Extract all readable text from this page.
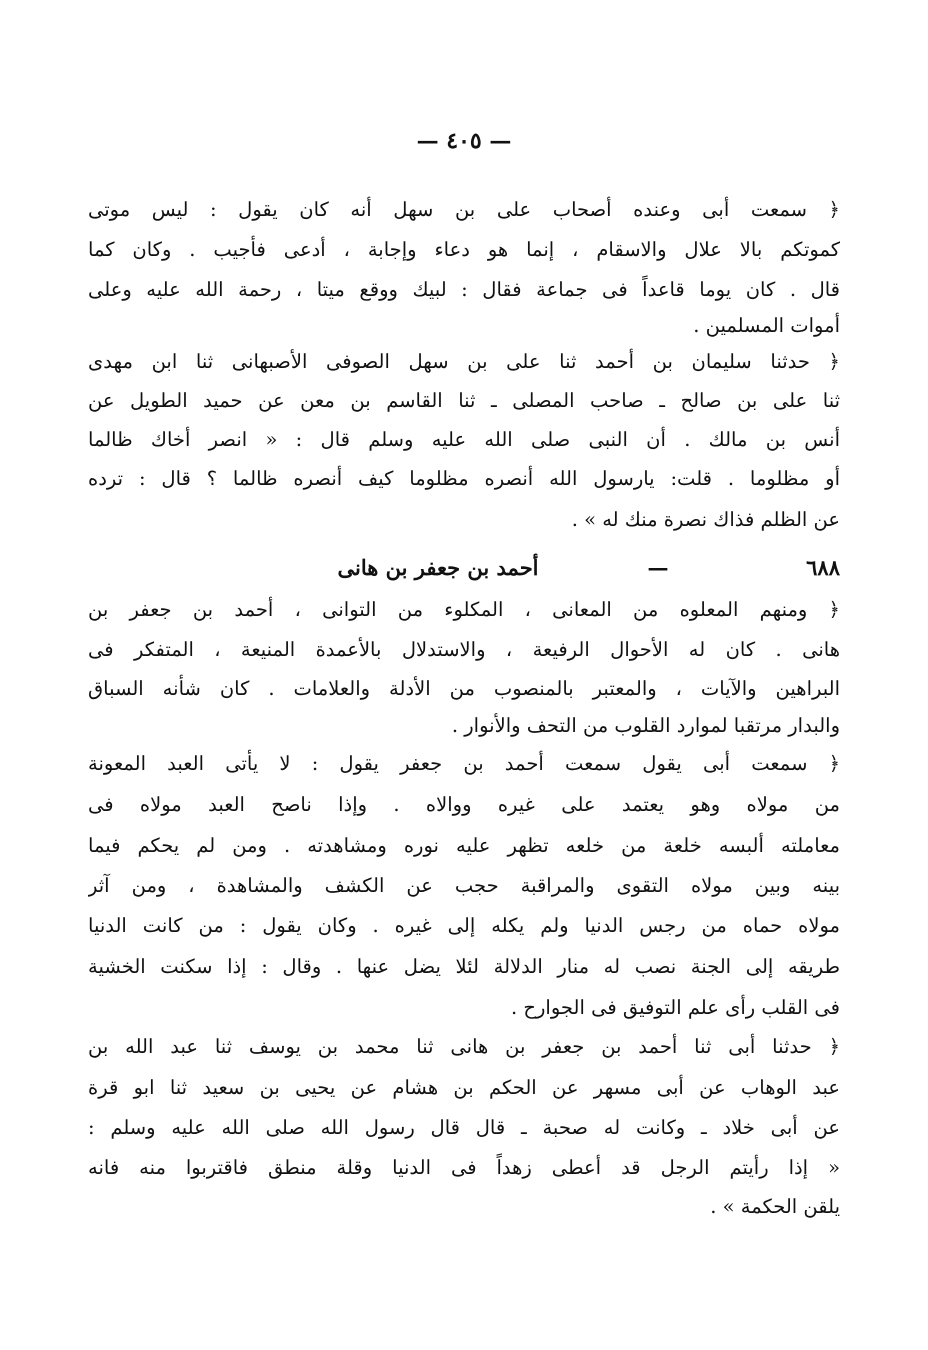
— ٤٠٥ —
﴿ سمعت أبى وعنده أصحاب على بن سهل أنه كان يقول : ليس موتى
كموتكم بالا علال والاسقام ، إنما هو دعاء وإجابة ، أدعى فأجيب . وكان كما
قال . كان يوما قاعداً فى جماعة فقال : لبيك ووقع ميتا ، رحمة الله عليه وعلى
أموات المسلمين .
﴿ حدثنا سليمان بن أحمد ثنا على بن سهل الصوفى الأصبهانى ثنا ابن مهدى
ثنا على بن صالح ـ صاحب المصلى ـ ثنا القاسم بن معن عن حميد الطويل عن
أنس بن مالك . أن النبى صلى الله عليه وسلم قال : « انصر أخاك ظالما
أو مظلوما . قلت: يارسول الله أنصره مظلوما كيف أنصره ظالما ؟ قال : ترده
عن الظلم فذاك نصرة منك له » .
٦٨٨
—
أحمد بن جعفر بن هانى
﴿ ومنهم المعلوه من المعانى ، المكلوء من التوانى ، أحمد بن جعفر بن
هانى . كان له الأحوال الرفيعة ، والاستدلال بالأعمدة المنيعة ، المتفكر فى
البراهين والآيات ، والمعتبر بالمنصوب من الأدلة والعلامات . كان شأنه السباق
والبدار مرتقبا لموارد القلوب من التحف والأنوار .
﴿ سمعت أبى يقول سمعت أحمد بن جعفر يقول : لا يأتى العبد المعونة
من مولاه وهو يعتمد على غيره ووالاه . وإذا ناصح العبد مولاه فى
معاملته ألبسه خلعة من خلعه تظهر عليه نوره ومشاهدته . ومن لم يحكم فيما
بينه وبين مولاه التقوى والمراقبة حجب عن الكشف والمشاهدة ، ومن آثر
مولاه حماه من رجس الدنيا ولم يكله إلى غيره . وكان يقول : من كانت الدنيا
طريقه إلى الجنة نصب له منار الدلالة لئلا يضل عنها . وقال : إذا سكنت الخشية
فى القلب رأى علم التوفيق فى الجوارح .
﴿ حدثنا أبى ثنا أحمد بن جعفر بن هانى ثنا محمد بن يوسف ثنا عبد الله بن
عبد الوهاب عن أبى مسهر عن الحكم بن هشام عن يحيى بن سعيد ثنا ابو قرة
عن أبى خلاد ـ وكانت له صحبة ـ قال قال رسول الله صلى الله عليه وسلم :
« إذا رأيتم الرجل قد أعطى زهداً فى الدنيا وقلة منطق فاقتربوا منه فانه
يلقن الحكمة » .
